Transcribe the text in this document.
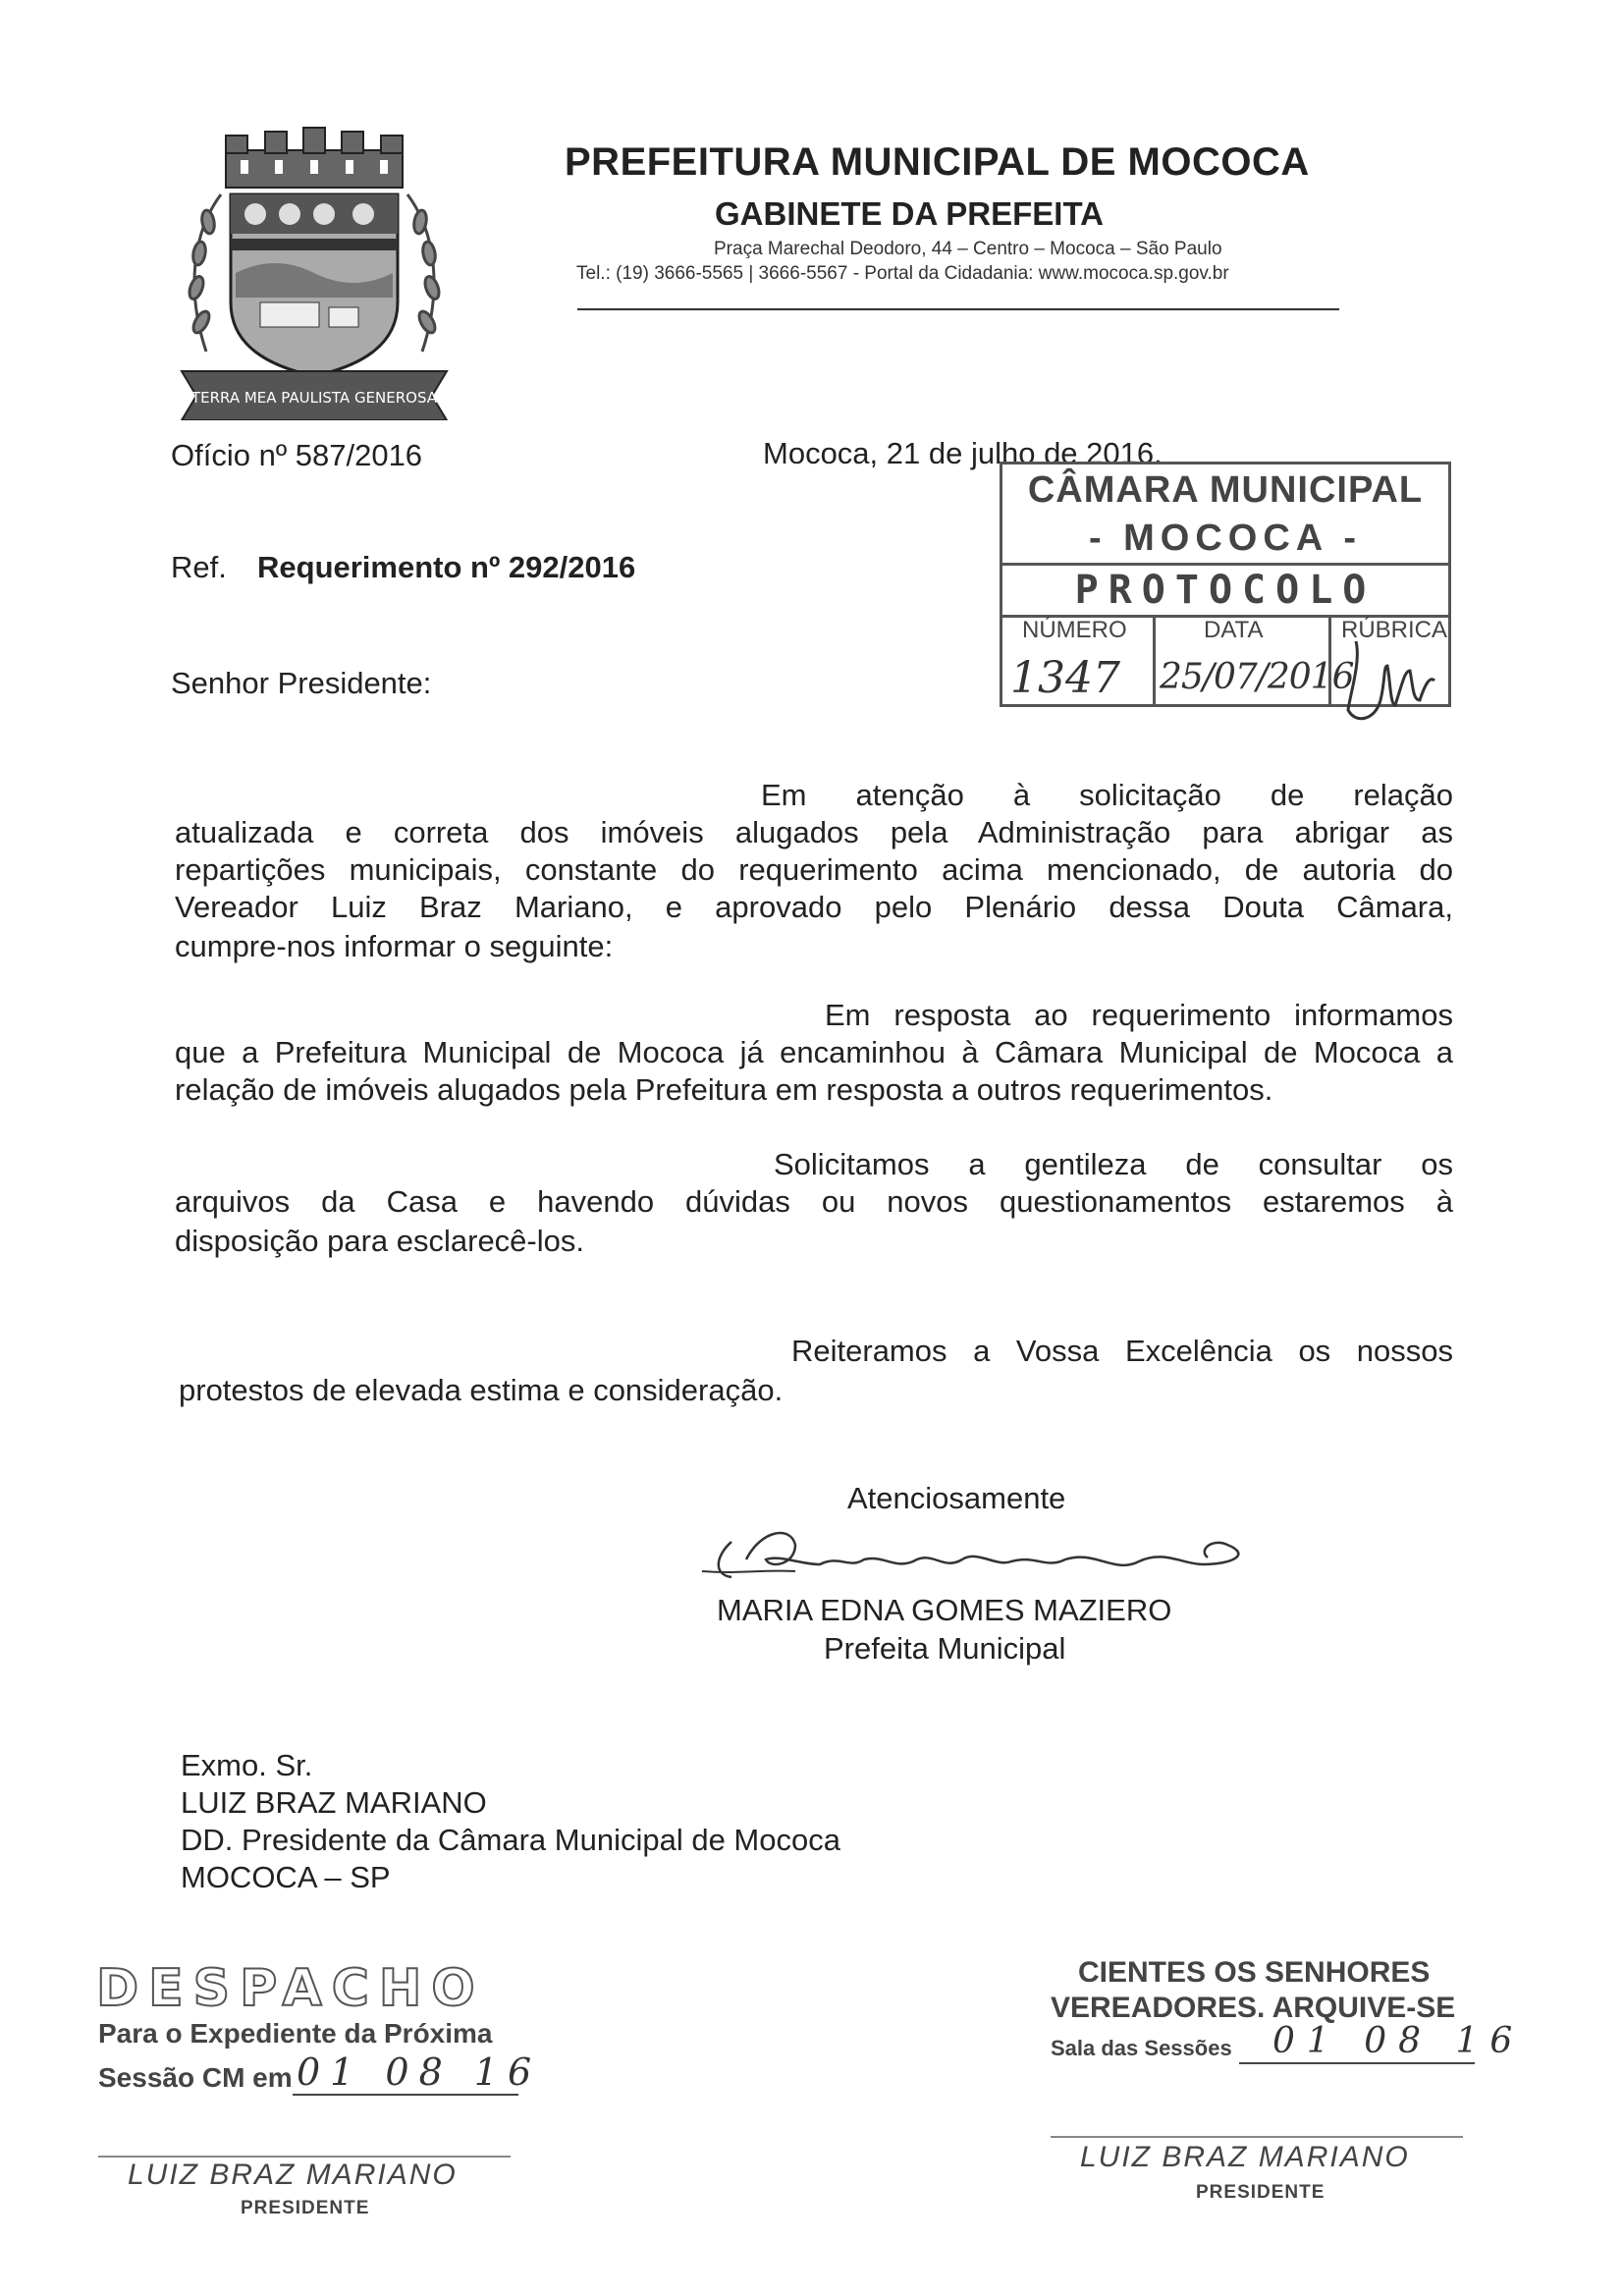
TERRA MEA PAULISTA GENEROSA
PREFEITURA MUNICIPAL DE MOCOCA
GABINETE DA PREFEITA
Praça Marechal Deodoro, 44 – Centro – Mococa – São Paulo
Tel.: (19) 3666-5565 | 3666-5567 - Portal da Cidadania: www.mococa.sp.gov.br
Ofício nº 587/2016	Mococa, 21 de julho de 2016.
Ref. Requerimento nº 292/2016
Senhor Presidente:
CÂMARA MUNICIPAL
- MOCOCA -
PROTOCOLO
NÚMERO	DATA	RÚBRICA
1347 25/07/2016
Em atenção à solicitação de relação
atualizada e correta dos imóveis alugados pela Administração para abrigar as
repartições municipais, constante do requerimento acima mencionado, de autoria do
Vereador Luiz Braz Mariano, e aprovado pelo Plenário dessa Douta Câmara,
cumpre-nos informar o seguinte:
Em resposta ao requerimento informamos
que a Prefeitura Municipal de Mococa já encaminhou à Câmara Municipal de Mococa a
relação de imóveis alugados pela Prefeitura em resposta a outros requerimentos.
Solicitamos a gentileza de consultar os
arquivos da Casa e havendo dúvidas ou novos questionamentos estaremos à
disposição para esclarecê-los.
Reiteramos a Vossa Excelência os nossos
protestos de elevada estima e consideração.
Atenciosamente
MARIA EDNA GOMES MAZIERO
Prefeita Municipal
Exmo. Sr.
LUIZ BRAZ MARIANO
DD. Presidente da Câmara Municipal de Mococa
MOCOCA – SP
DESPACHO
Para o Expediente da Próxima
Sessão CM em 01 08 16
LUIZ BRAZ MARIANO
PRESIDENTE
CIENTES OS SENHORES
VEREADORES. ARQUIVE-SE
Sala das Sessões 01 08 16
LUIZ BRAZ MARIANO
PRESIDENTE
